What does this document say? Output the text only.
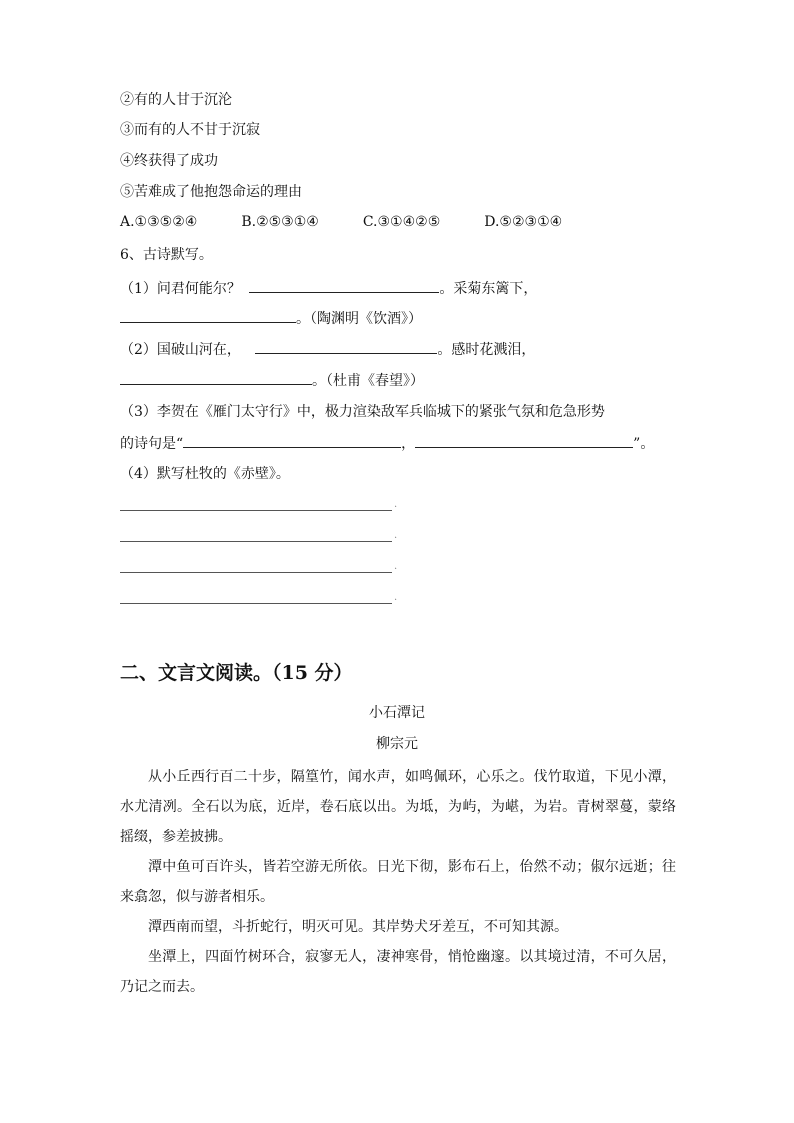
②有的人甘于沉沦
③而有的人不甘于沉寂
④终获得了成功
⑤苦难成了他抱怨命运的理由
A.①③⑤②④	B.②⑤③①④	C.③①④②⑤	D.⑤②③①④
6、古诗默写。
（1）问君何能尔？	。采菊东篱下，
。（陶渊明《饮酒》）
（2）国破山河在，	。感时花溅泪，
。（杜甫《春望》）
（3）李贺在《雁门太守行》中，极力渲染敌军兵临城下的紧张气氛和危急形势
的诗句是“	，	”。
（4）默写杜牧的《赤壁》。
.
.
.
.
二、文言文阅读。（15 分）
小石潭记
柳宗元
从小丘西行百二十步，隔篁竹，闻水声，如鸣佩环，心乐之。伐竹取道，下见小潭，水尤清冽。全石以为底，近岸，卷石底以出。为坻，为屿，为嵁，为岩。青树翠蔓，蒙络摇缀，参差披拂。
潭中鱼可百许头，皆若空游无所依。日光下彻，影布石上，佁然不动；俶尔远逝；往来翕忽，似与游者相乐。
潭西南而望，斗折蛇行，明灭可见。其岸势犬牙差互，不可知其源。
坐潭上，四面竹树环合，寂寥无人，凄神寒骨，悄怆幽邃。以其境过清，不可久居，乃记之而去。
